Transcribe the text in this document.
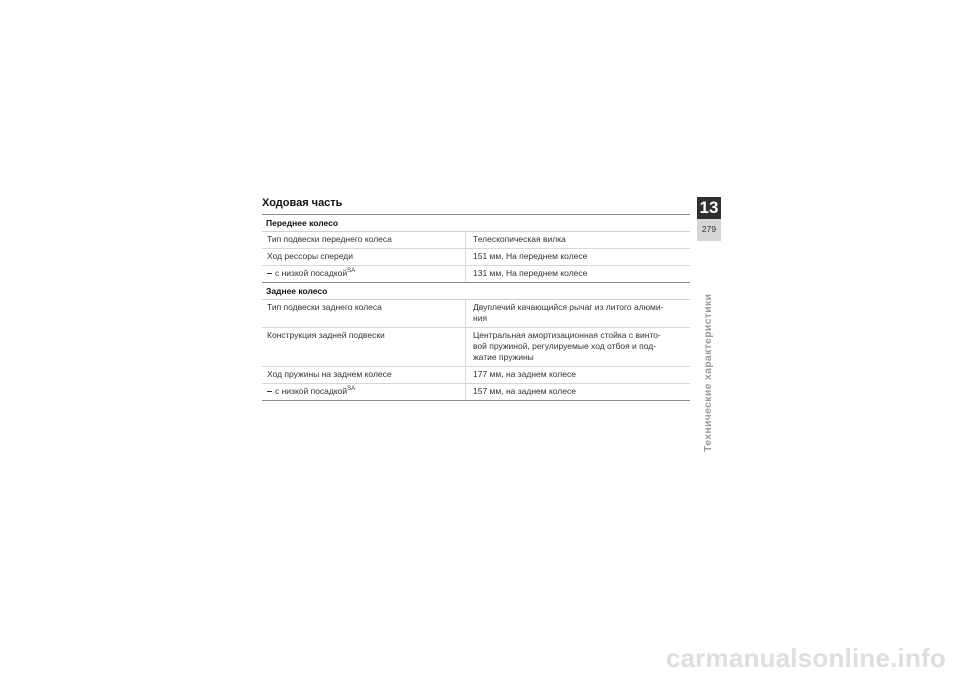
Ходовая часть
Переднее колесо
Тип подвески переднего колеса	Телескопическая вилка
Ход рессоры спереди	151 мм, На переднем колесе
с низкой посадкой$^{SA}$	131 мм, На переднем колесе
Заднее колесо
Тип подвески заднего колеса	Двуплечий качающийся рычаг из литого алюми-
ния
Конструкция задней подвески	Центральная амортизационная стойка с винто-
вой пружиной, регулируемые ход отбоя и под-
жатие пружины
Ход пружины на заднем колесе	177 мм, на заднем колесе
с низкой посадкой$^{SA}$	157 мм, на заднем колесе
13
279
Технические характеристики
carmanualsonline.info
